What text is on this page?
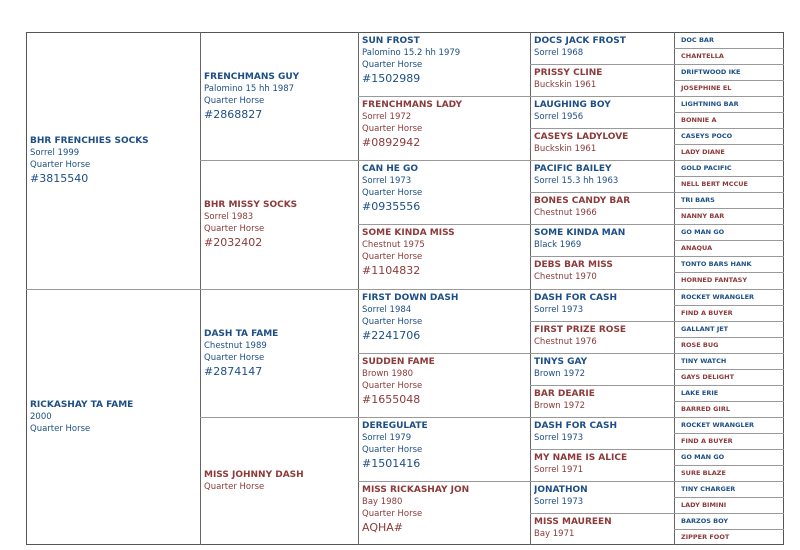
BHR FRENCHIES SOCKS
Sorrel 1999
Quarter Horse
#3815540
RICKASHAY TA FAME
2000
Quarter Horse
FRENCHMANS GUY
Palomino 15 hh 1987
Quarter Horse
#2868827
BHR MISSY SOCKS
Sorrel 1983
Quarter Horse
#2032402
DASH TA FAME
Chestnut 1989
Quarter Horse
#2874147
MISS JOHNNY DASH
Quarter Horse
SUN FROST
Palomino 15.2 hh 1979
Quarter Horse
#1502989
FRENCHMANS LADY
Sorrel 1972
Quarter Horse
#0892942
CAN HE GO
Sorrel 1973
Quarter Horse
#0935556
SOME KINDA MISS
Chestnut 1975
Quarter Horse
#1104832
FIRST DOWN DASH
Sorrel 1984
Quarter Horse
#2241706
SUDDEN FAME
Brown 1980
Quarter Horse
#1655048
DEREGULATE
Sorrel 1979
Quarter Horse
#1501416
MISS RICKASHAY JON
Bay 1980
Quarter Horse
AQHA#
DOCS JACK FROST
Sorrel 1968
PRISSY CLINE
Buckskin 1961
LAUGHING BOY
Sorrel 1956
CASEYS LADYLOVE
Buckskin 1961
PACIFIC BAILEY
Sorrel 15.3 hh 1963
BONES CANDY BAR
Chestnut 1966
SOME KINDA MAN
Black 1969
DEBS BAR MISS
Chestnut 1970
DASH FOR CASH
Sorrel 1973
FIRST PRIZE ROSE
Chestnut 1976
TINYS GAY
Brown 1972
BAR DEARIE
Brown 1972
DASH FOR CASH
Sorrel 1973
MY NAME IS ALICE
Sorrel 1971
JONATHON
Sorrel 1973
MISS MAUREEN
Bay 1971
DOC BAR
CHANTELLA
DRIFTWOOD IKE
JOSEPHINE EL
LIGHTNING BAR
BONNIE A
CASEYS POCO
LADY DIANE
GOLD PACIFIC
NELL BERT MCCUE
TRI BARS
NANNY BAR
GO MAN GO
ANAQUA
TONTO BARS HANK
HORNED FANTASY
ROCKET WRANGLER
FIND A BUYER
GALLANT JET
ROSE BUG
TINY WATCH
GAYS DELIGHT
LAKE ERIE
BARRED GIRL
ROCKET WRANGLER
FIND A BUYER
GO MAN GO
SURE BLAZE
TINY CHARGER
LADY BIMINI
BARZOS BOY
ZIPPER FOOT
